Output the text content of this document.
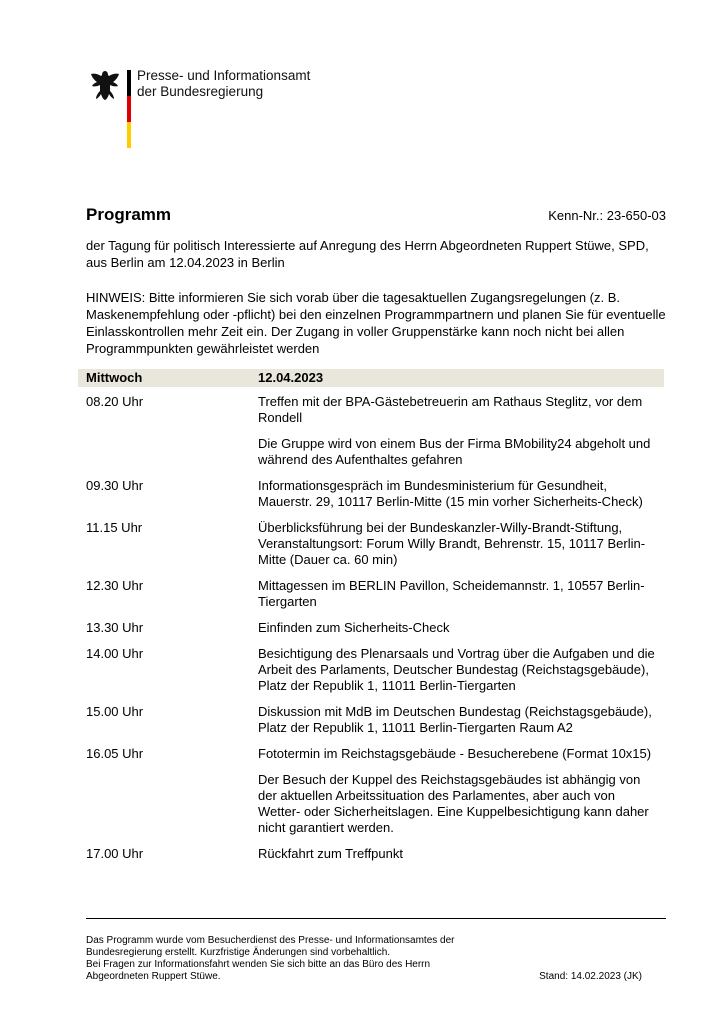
Presse- und Informationsamt
der Bundesregierung
Programm	Kenn-Nr.: 23-650-03
der Tagung für politisch Interessierte auf Anregung des Herrn Abgeordneten Ruppert Stüwe, SPD, aus Berlin am 12.04.2023 in Berlin
HINWEIS: Bitte informieren Sie sich vorab über die tagesaktuellen Zugangsregelungen (z. B. Maskenempfehlung oder -pflicht) bei den einzelnen Programmpartnern und planen Sie für eventuelle Einlasskontrollen mehr Zeit ein. Der Zugang in voller Gruppenstärke kann noch nicht bei allen Programmpunkten gewährleistet werden
Mittwoch	12.04.2023
08.20 Uhr	Treffen mit der BPA-Gästebetreuerin am Rathaus Steglitz, vor dem Rondell
Die Gruppe wird von einem Bus der Firma BMobility24 abgeholt und während des Aufenthaltes gefahren
09.30 Uhr	Informationsgespräch im Bundesministerium für Gesundheit, Mauerstr. 29, 10117 Berlin-Mitte (15 min vorher Sicherheits-Check)
11.15 Uhr	Überblicksführung bei der Bundeskanzler-Willy-Brandt-Stiftung, Veranstaltungsort: Forum Willy Brandt, Behrenstr. 15, 10117 Berlin-Mitte (Dauer ca. 60 min)
12.30 Uhr	Mittagessen im BERLIN Pavillon, Scheidemannstr. 1, 10557 Berlin-Tiergarten
13.30 Uhr	Einfinden zum Sicherheits-Check
14.00 Uhr	Besichtigung des Plenarsaals und Vortrag über die Aufgaben und die Arbeit des Parlaments, Deutscher Bundestag (Reichstagsgebäude), Platz der Republik 1, 11011 Berlin-Tiergarten
15.00 Uhr	Diskussion mit MdB im Deutschen Bundestag (Reichstagsgebäude), Platz der Republik 1, 11011 Berlin-Tiergarten Raum A2
16.05 Uhr	Fototermin im Reichstagsgebäude - Besucherebene (Format 10x15)
Der Besuch der Kuppel des Reichstagsgebäudes ist abhängig von der aktuellen Arbeitssituation des Parlamentes, aber auch von Wetter- oder Sicherheitslagen. Eine Kuppelbesichtigung kann daher nicht garantiert werden.
17.00 Uhr	Rückfahrt zum Treffpunkt
Das Programm wurde vom Besucherdienst des Presse- und Informationsamtes der
Bundesregierung erstellt. Kurzfristige Änderungen sind vorbehaltlich.
Bei Fragen zur Informationsfahrt wenden Sie sich bitte an das Büro des Herrn
Abgeordneten Ruppert Stüwe.	Stand: 14.02.2023 (JK)
